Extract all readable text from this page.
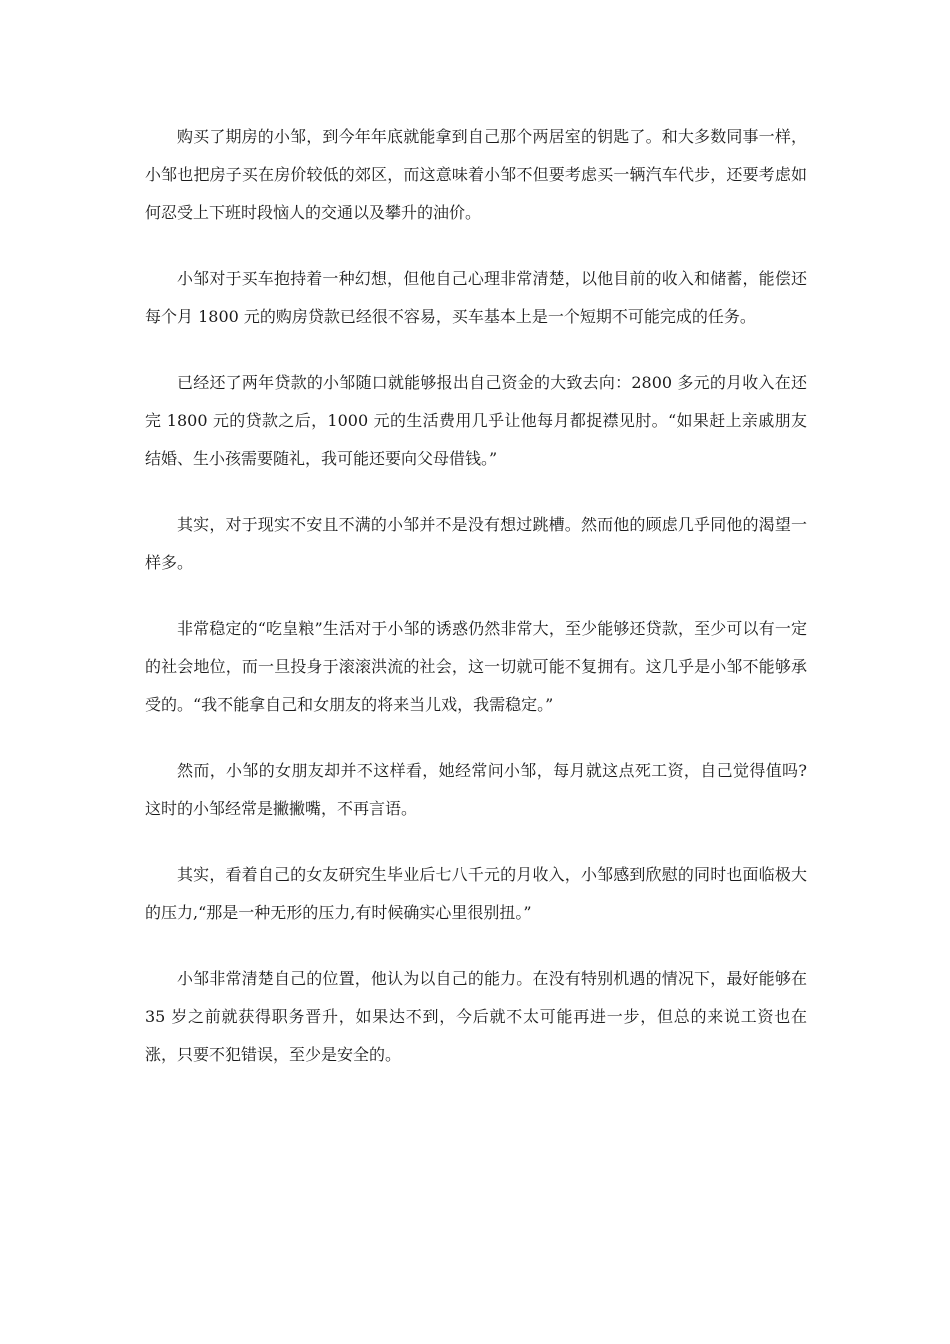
购买了期房的小邹，到今年年底就能拿到自己那个两居室的钥匙了。和大多数同事一样，小邹也把房子买在房价较低的郊区，而这意味着小邹不但要考虑买一辆汽车代步，还要考虑如何忍受上下班时段恼人的交通以及攀升的油价。

小邹对于买车抱持着一种幻想，但他自己心理非常清楚，以他目前的收入和储蓄，能偿还每个月 1800 元的购房贷款已经很不容易，买车基本上是一个短期不可能完成的任务。

已经还了两年贷款的小邹随口就能够报出自己资金的大致去向：2800 多元的月收入在还完 1800 元的贷款之后，1000 元的生活费用几乎让他每月都捉襟见肘。“如果赶上亲戚朋友结婚、生小孩需要随礼，我可能还要向父母借钱。”

其实，对于现实不安且不满的小邹并不是没有想过跳槽。然而他的顾虑几乎同他的渴望一样多。

非常稳定的“吃皇粮”生活对于小邹的诱惑仍然非常大，至少能够还贷款，至少可以有一定的社会地位，而一旦投身于滚滚洪流的社会，这一切就可能不复拥有。这几乎是小邹不能够承受的。“我不能拿自己和女朋友的将来当儿戏，我需稳定。”

然而，小邹的女朋友却并不这样看，她经常问小邹，每月就这点死工资，自己觉得值吗?这时的小邹经常是撇撇嘴，不再言语。

其实，看着自己的女友研究生毕业后七八千元的月收入，小邹感到欣慰的同时也面临极大的压力,“那是一种无形的压力,有时候确实心里很别扭。”

小邹非常清楚自己的位置，他认为以自己的能力。在没有特别机遇的情况下，最好能够在 35 岁之前就获得职务晋升，如果达不到，今后就不太可能再进一步，但总的来说工资也在涨，只要不犯错误，至少是安全的。
